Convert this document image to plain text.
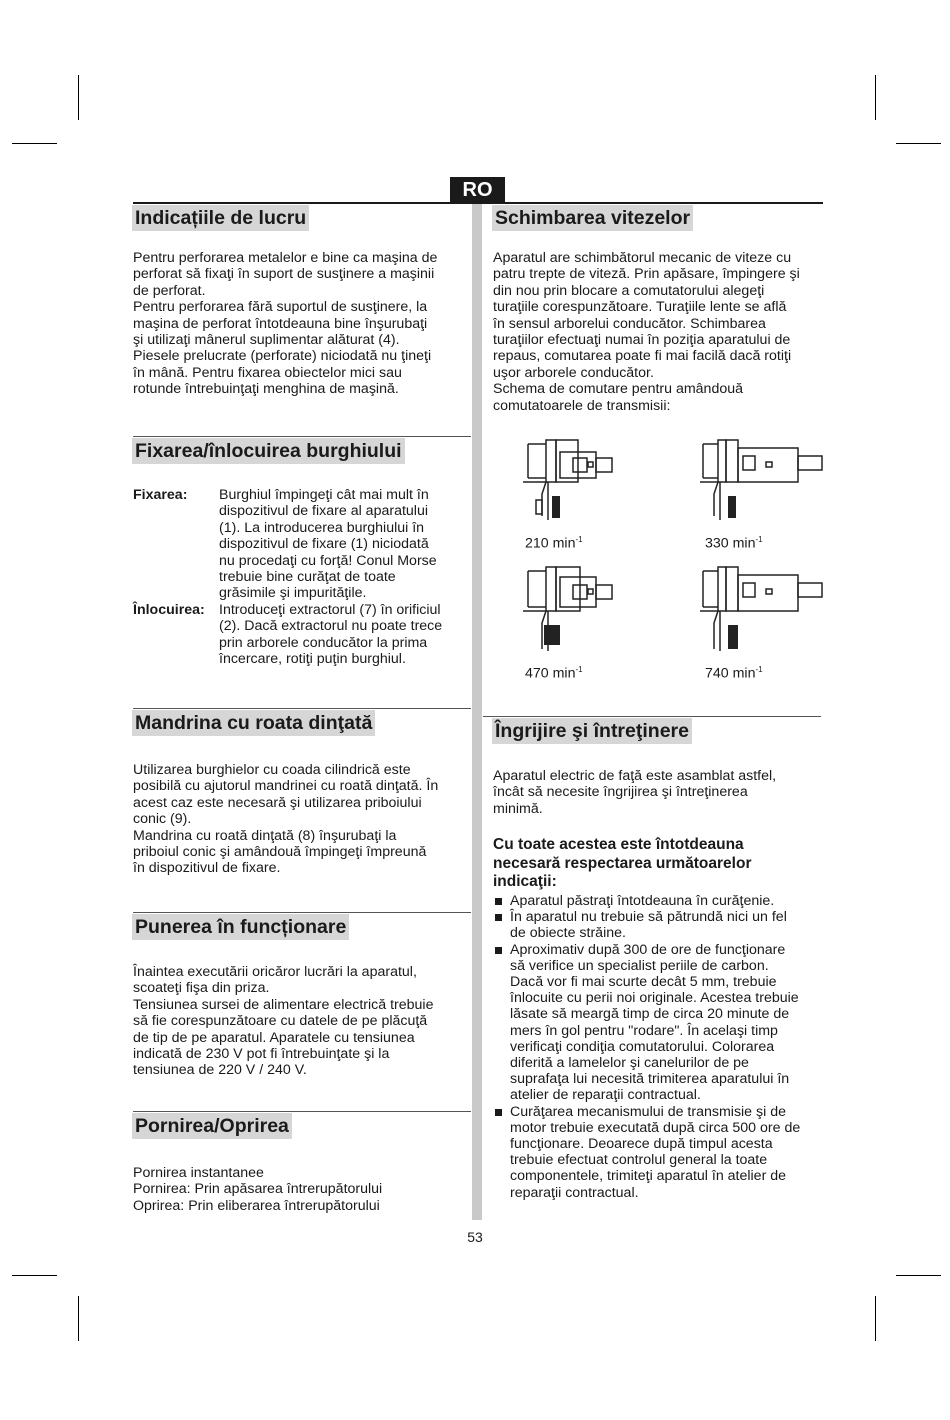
RO
Indicațiile de lucru

Pentru perforarea metalelor e bine ca maşina de
perforat să fixaţi în suport de susţinere a maşinii
de perforat.
Pentru perforarea fără suportul de susţinere, la
maşina de perforat întotdeauna bine înşurubaţi
şi utilizaţi mânerul suplimentar alăturat (4).
Piesele prelucrate (perforate) niciodată nu ţineţi
în mână. Pentru fixarea obiectelor mici sau
rotunde întrebuinţaţi menghina de maşină.

Fixarea/înlocuirea burghiului
Fixarea:	Burghiul împingeţi cât mai mult în
dispozitivul de fixare al aparatului
(1). La introducerea burghiului în
dispozitivul de fixare (1) niciodată
nu procedaţi cu forţă! Conul Morse
trebuie bine curăţat de toate
grăsimile şi impurităţile.
Înlocuirea:	Introduceţi extractorul (7) în orificiul
(2). Dacă extractorul nu poate trece
prin arborele conducător la prima
încercare, rotiţi puţin burghiul.
Mandrina cu roata dinţată

Utilizarea burghielor cu coada cilindrică este
posibilă cu ajutorul mandrinei cu roată dinţată. În
acest caz este necesară şi utilizarea priboiului
conic (9).
Mandrina cu roată dinţată (8) înşurubaţi la
priboiul conic şi amândouă împingeţi împreună
în dispozitivul de fixare.

Punerea în funcționare

Înaintea executării oricăror lucrări la aparatul,
scoateţi fişa din priza.
Tensiunea sursei de alimentare electrică trebuie
să fie corespunzătoare cu datele de pe plăcuţă
de tip de pe aparatul. Aparatele cu tensiunea
indicată de 230 V pot fi întrebuinţate şi la
tensiunea de 220 V / 240 V.

Pornirea/Oprirea

Pornirea instantanee
Pornirea: Prin apăsarea întrerupătorului
Oprirea: Prin eliberarea întrerupătorului

Schimbarea vitezelor

Aparatul are schimbătorul mecanic de viteze cu
patru trepte de viteză. Prin apăsare, împingere şi
din nou prin blocare a comutatorului alegeţi
turaţiile corespunzătoare. Turaţiile lente se află
în sensul arborelui conducător. Schimbarea
turaţiilor efectuaţi numai în poziţia aparatului de
repaus, comutarea poate fi mai facilă dacă rotiţi
uşor arborele conducător.
Schema de comutare pentru amândouă
comutatoarele de transmisii:

210 $\min^{-1}$	330 $\min^{-1}$
470 $\min^{-1}$	740 $\min^{-1}$
Îngrijire şi întreţinere

Aparatul electric de faţă este asamblat astfel,
încât să necesite îngrijirea şi întreţinerea
minimă.

Cu toate acestea este întotdeauna
necesară respectarea următoarelor
indicaţii:

Aparatul păstraţi întotdeauna în curăţenie.
În aparatul nu trebuie să pătrundă nici un fel
de obiecte străine.
Aproximativ după 300 de ore de funcţionare
să verifice un specialist periile de carbon.
Dacă vor fi mai scurte decât 5 mm, trebuie
înlocuite cu perii noi originale. Acestea trebuie
lăsate să meargă timp de circa 20 minute de
mers în gol pentru "rodare". În acelaşi timp
verificaţi condiţia comutatorului. Colorarea
diferită a lamelelor şi canelurilor de pe
suprafaţa lui necesită trimiterea aparatului în
atelier de reparaţii contractual.
Curăţarea mecanismului de transmisie şi de
motor trebuie executată după circa 500 ore de
funcţionare. Deoarece după timpul acesta
trebuie efectuat controlul general la toate
componentele, trimiteţi aparatul în atelier de
reparaţii contractual.
53
